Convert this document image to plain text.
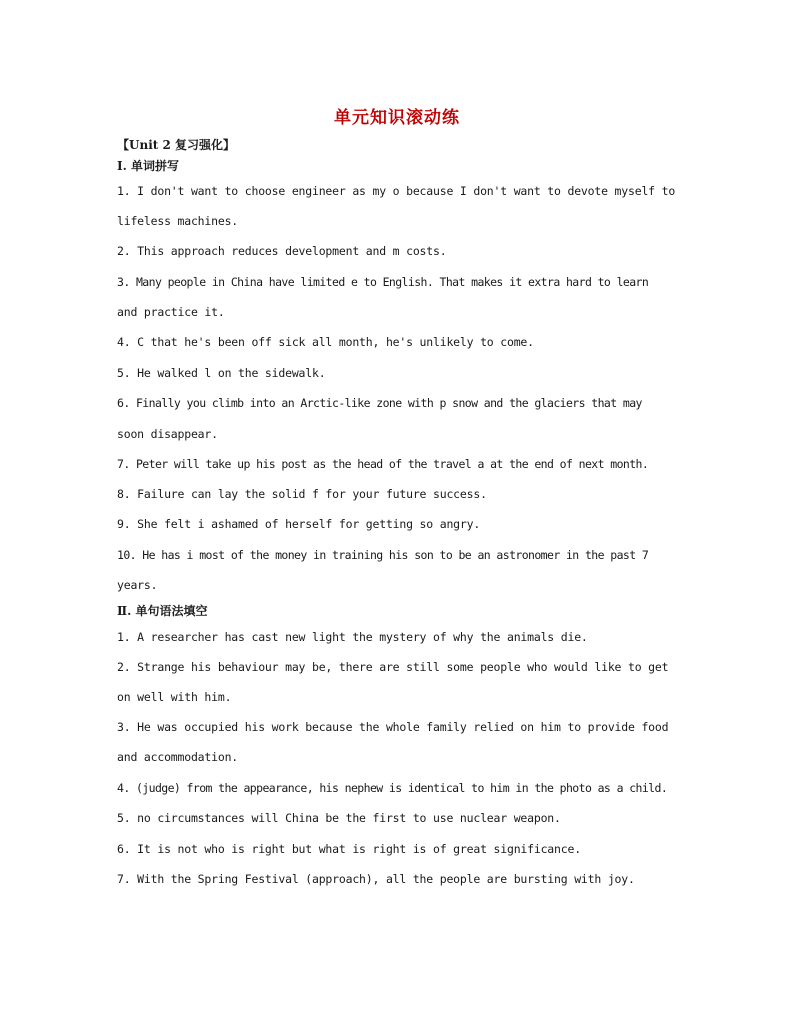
单元知识滚动练
【Unit 2 复习强化】
Ⅰ. 单词拼写
1. I don't want to choose engineer as my o because I don't want to devote myself to
lifeless machines.
2. This approach reduces development and m costs.
3. Many people in China have limited e to English. That makes it extra hard to learn
and practice it.
4. C that he's been off sick all month, he's unlikely to come.
5. He walked l on the sidewalk.
6. Finally you climb into an Arctic-like zone with p snow and the glaciers that may
soon disappear.
7. Peter will take up his post as the head of the travel a at the end of next month.
8. Failure can lay the solid f for your future success.
9. She felt i ashamed of herself for getting so angry.
10. He has i most of the money in training his son to be an astronomer in the past 7
years.
Ⅱ. 单句语法填空
1. A researcher has cast new light the mystery of why the animals die.
2. Strange his behaviour may be, there are still some people who would like to get
on well with him.
3. He was occupied his work because the whole family relied on him to provide food
and accommodation.
4. (judge) from the appearance, his nephew is identical to him in the photo as a child.
5. no circumstances will China be the first to use nuclear weapon.
6. It is not who is right but what is right is of great significance.
7. With the Spring Festival (approach), all the people are bursting with joy.
